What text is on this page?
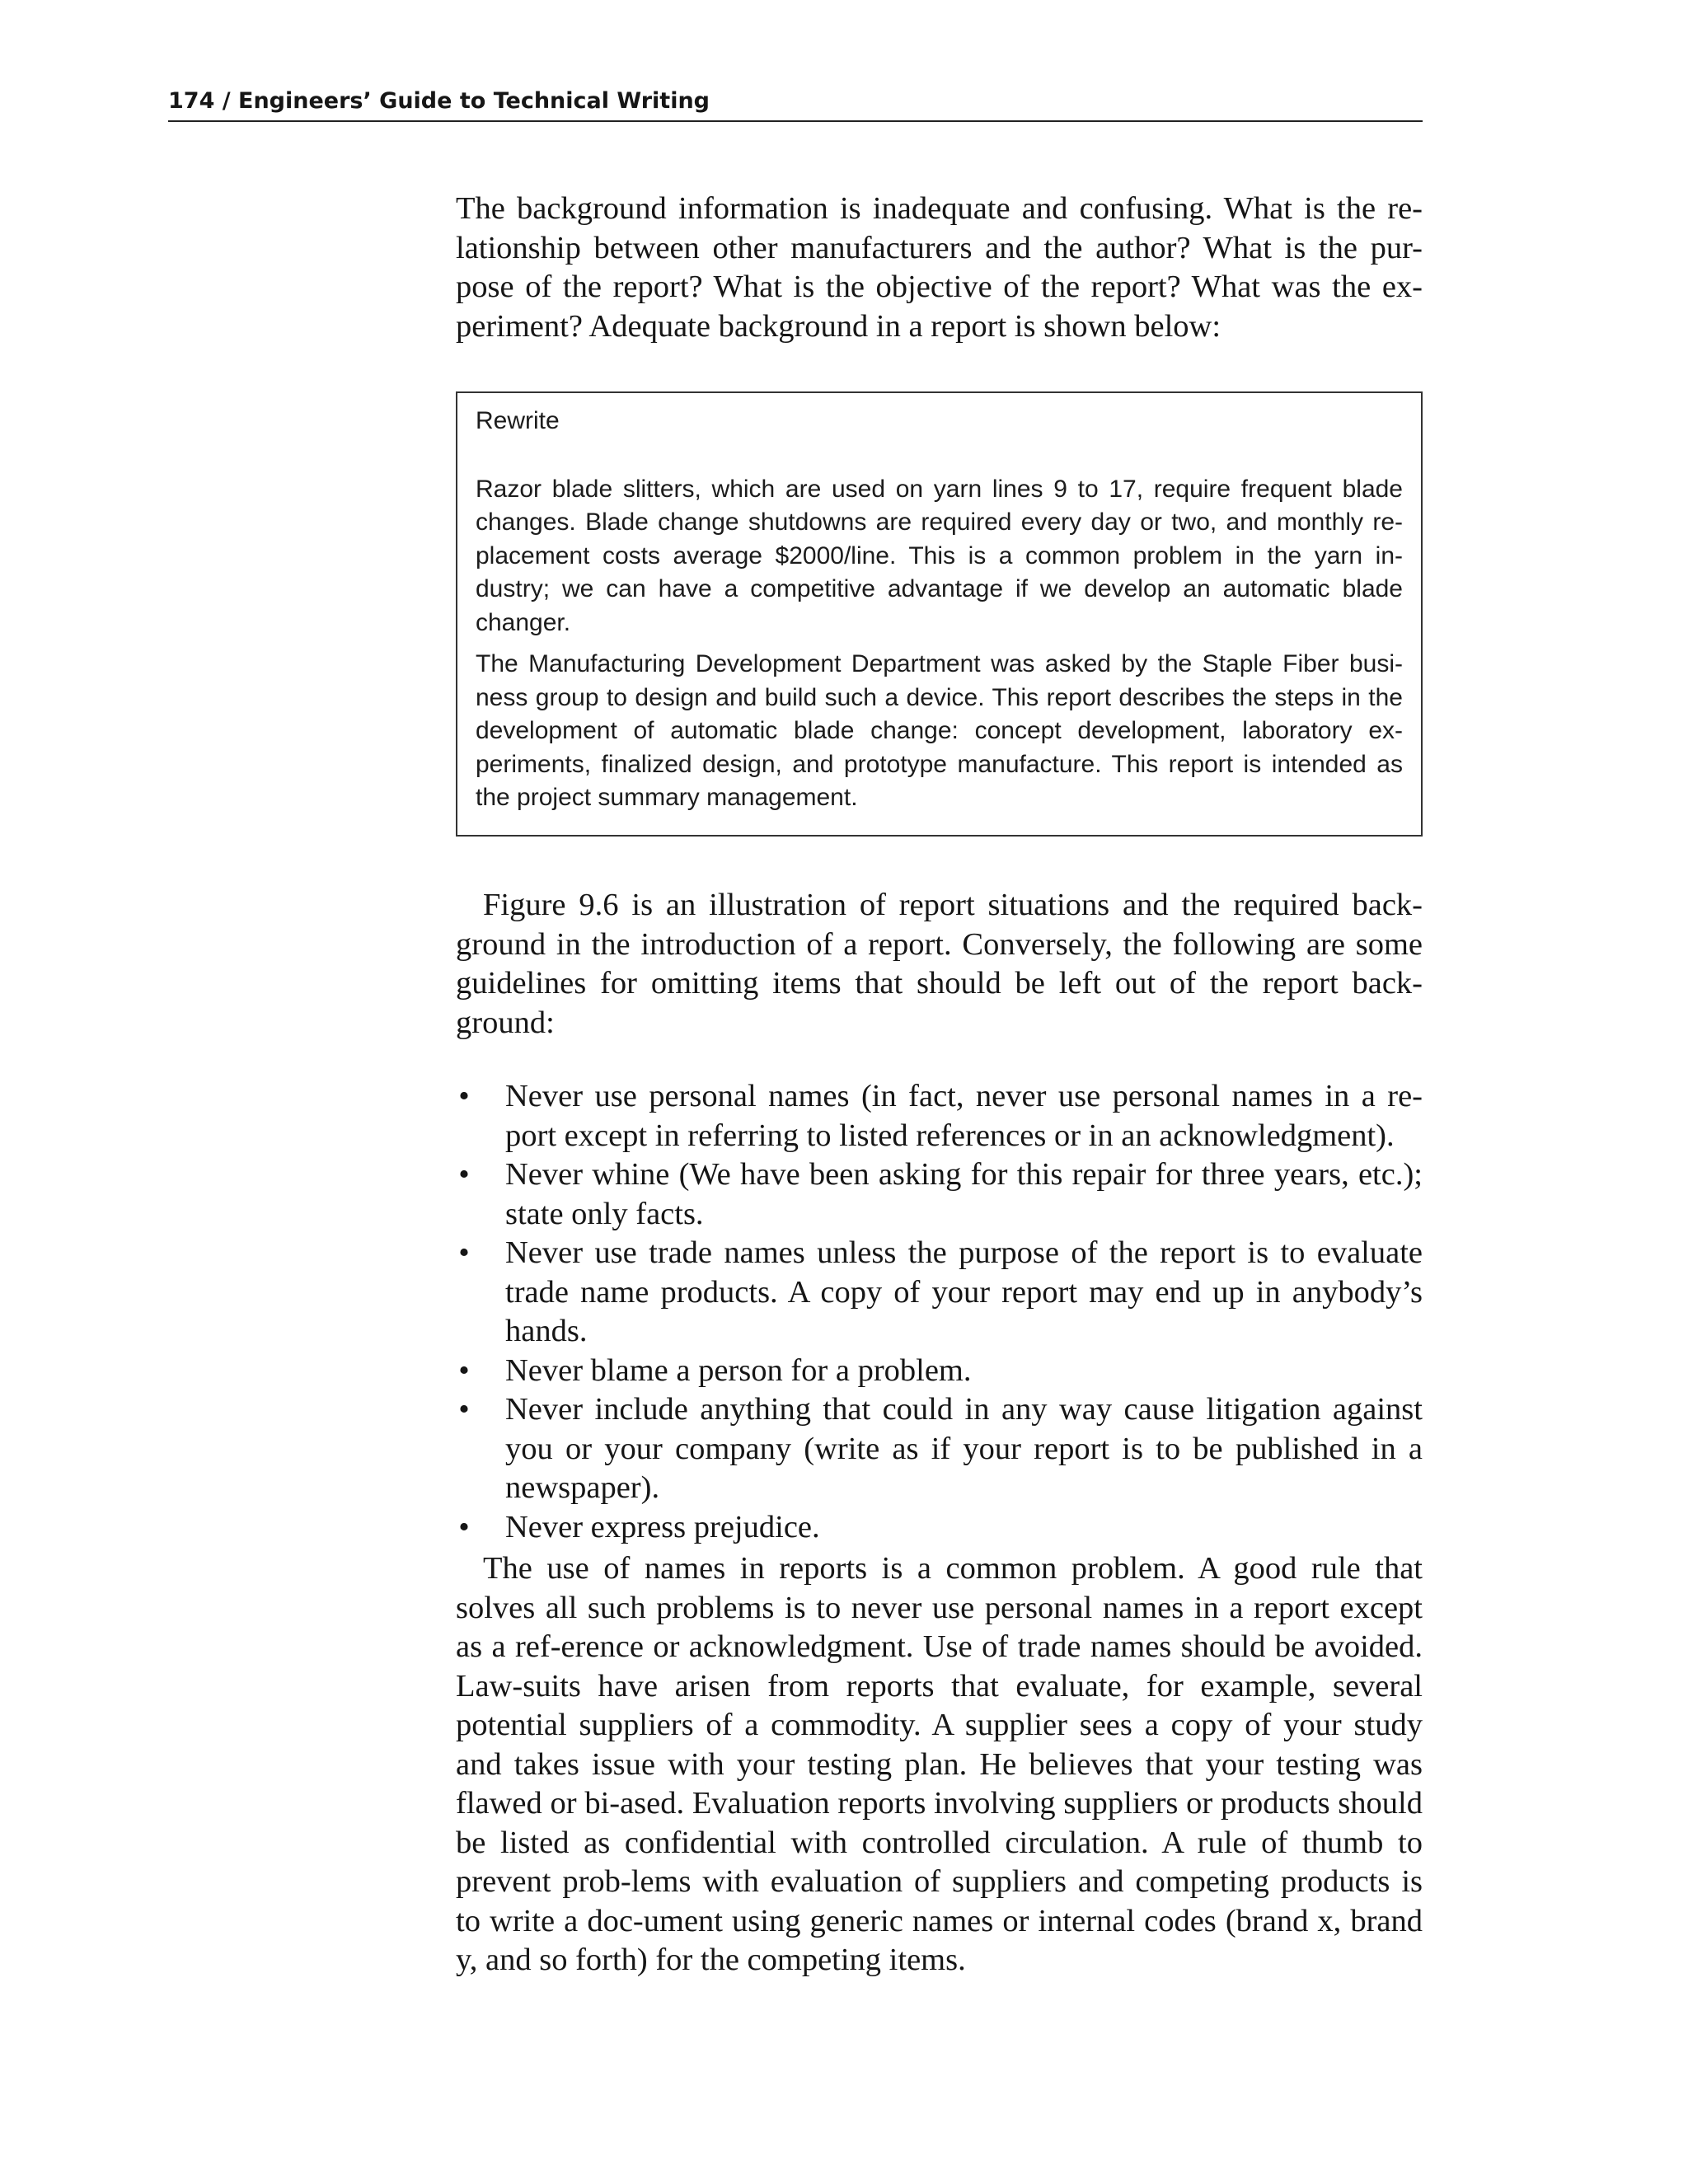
174 / Engineers’ Guide to Technical Writing

The background information is inadequate and confusing. What is the re-lationship between other manufacturers and the author? What is the pur-pose of the report? What is the objective of the report? What was the ex-periment? Adequate background in a report is shown below:

Rewrite

Razor blade slitters, which are used on yarn lines 9 to 17, require frequent blade changes. Blade change shutdowns are required every day or two, and monthly re-placement costs average $2000/line. This is a common problem in the yarn in-dustry; we can have a competitive advantage if we develop an automatic blade changer.

The Manufacturing Development Department was asked by the Staple Fiber busi-ness group to design and build such a device. This report describes the steps in the development of automatic blade change: concept development, laboratory ex-periments, finalized design, and prototype manufacture. This report is intended as the project summary management.

Figure 9.6 is an illustration of report situations and the required back-ground in the introduction of a report. Conversely, the following are some guidelines for omitting items that should be left out of the report back-ground:

• Never use personal names (in fact, never use personal names in a re-port except in referring to listed references or in an acknowledgment).
• Never whine (We have been asking for this repair for three years, etc.); state only facts.
• Never use trade names unless the purpose of the report is to evaluate trade name products. A copy of your report may end up in anybody’s hands.
• Never blame a person for a problem.
• Never include anything that could in any way cause litigation against you or your company (write as if your report is to be published in a newspaper).
• Never express prejudice.

The use of names in reports is a common problem. A good rule that solves all such problems is to never use personal names in a report except as a ref-erence or acknowledgment. Use of trade names should be avoided. Law-suits have arisen from reports that evaluate, for example, several potential suppliers of a commodity. A supplier sees a copy of your study and takes issue with your testing plan. He believes that your testing was flawed or bi-ased. Evaluation reports involving suppliers or products should be listed as confidential with controlled circulation. A rule of thumb to prevent prob-lems with evaluation of suppliers and competing products is to write a doc-ument using generic names or internal codes (brand x, brand y, and so forth) for the competing items.
